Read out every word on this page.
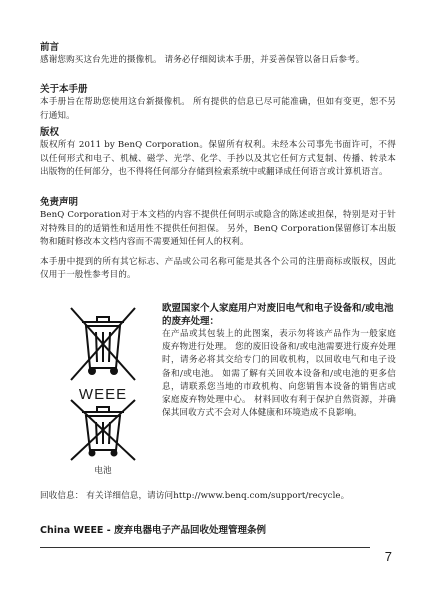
前言
感谢您购买这台先进的摄像机。 请务必仔细阅读本手册，并妥善保管以备日后参考。
关于本手册
本手册旨在帮助您使用这台新摄像机。 所有提供的信息已尽可能准确，但如有变更，恕不另行通知。
版权
版权所有 2011 by BenQ Corporation。保留所有权利。未经本公司事先书面许可，不得以任何形式和电子、机械、磁学、光学、化学、手抄以及其它任何方式复制、传播、转录本出版物的任何部分，也不得将任何部分存储到检索系统中或翻译成任何语言或计算机语言。
免责声明
BenQ Corporation对于本文档的内容不提供任何明示或隐含的陈述或担保，特别是对于针对特殊目的的适销性和适用性不提供任何担保。 另外，BenQ Corporation保留修订本出版物和随时修改本文档内容而不需要通知任何人的权利。
本手册中提到的所有其它标志、产品或公司名称可能是其各个公司的注册商标或版权，因此仅用于一般性参考目的。
WEEE
电池
欧盟国家个人家庭用户对废旧电气和电子设备和/或电池的废弃处理：
在产品或其包装上的此图案，表示勿将该产品作为一般家庭废弃物进行处理。 您的废旧设备和/或电池需要进行废弃处理时，请务必将其交给专门的回收机构，以回收电气和电子设备和/或电池。 如需了解有关回收本设备和/或电池的更多信息，请联系您当地的市政机构、向您销售本设备的销售店或家庭废弃物处理中心。 材料回收有利于保护自然资源，并确保其回收方式不会对人体健康和环境造成不良影响。
回收信息： 有关详细信息，请访问http://www.benq.com/support/recycle。
China WEEE - 废弃电器电子产品回收处理管理条例
7
